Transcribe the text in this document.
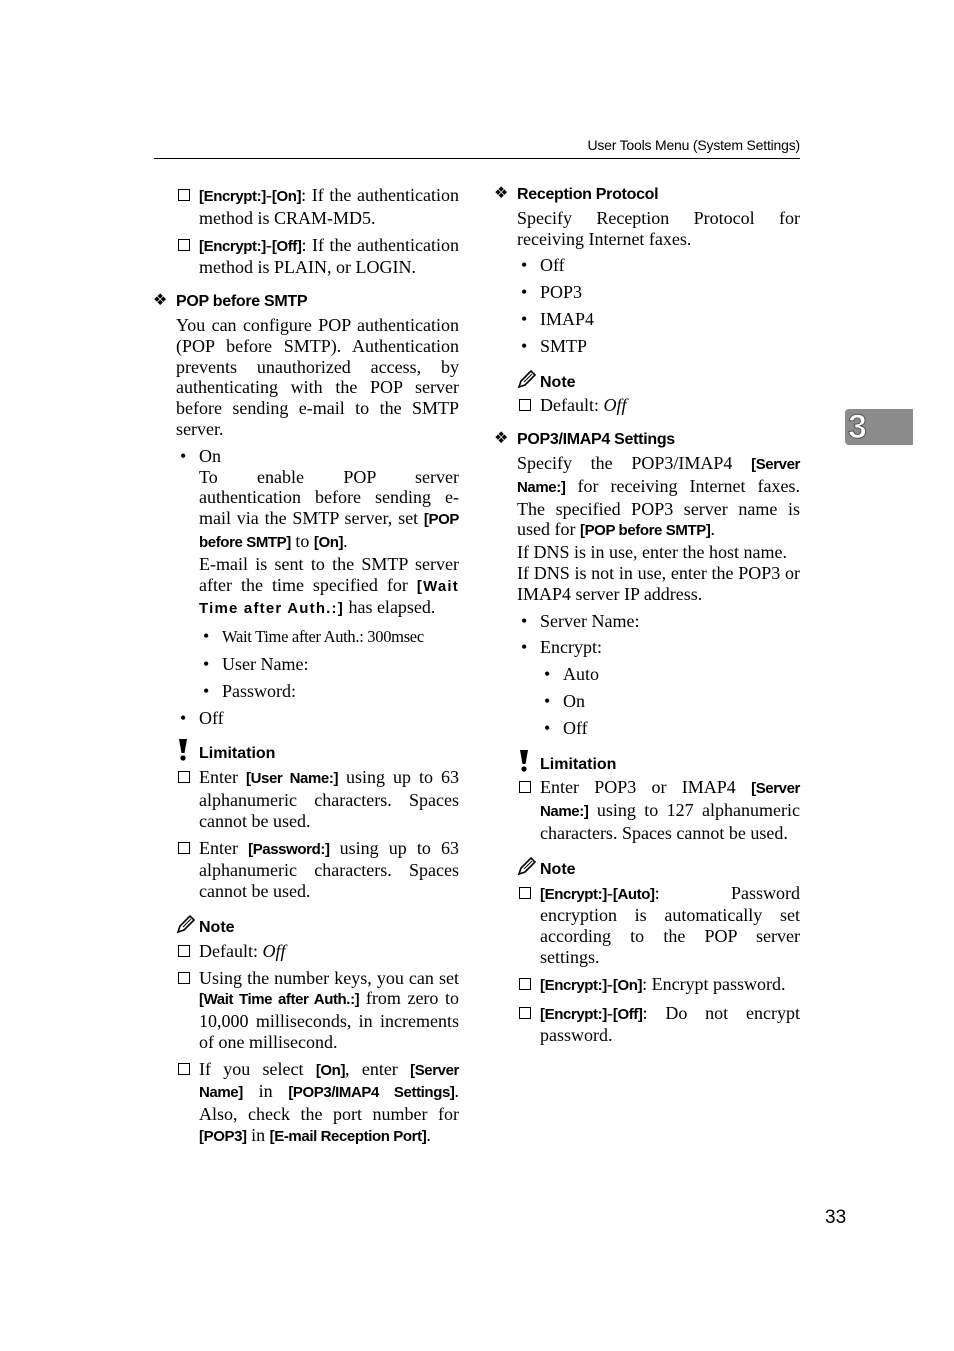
User Tools Menu (System Settings)
3
[Encrypt:]-[On]: If the authentication method is CRAM-MD5.
[Encrypt:]-[Off]: If the authentication method is PLAIN, or LOGIN.
❖ POP before SMTP
You can configure POP authentication (POP before SMTP). Authentication prevents unauthorized access, by authenticating with the POP server before sending e-mail to the SMTP server.
• On
To enable POP server authentication before sending e-mail via the SMTP server, set [POP before SMTP] to [On].
E-mail is sent to the SMTP server after the time specified for [Wait Time after Auth.:] has elapsed.
• Wait Time after Auth.: 300msec
• User Name:
• Password:
• Off
Limitation
Enter [User Name:] using up to 63 alphanumeric characters. Spaces cannot be used.
Enter [Password:] using up to 63 alphanumeric characters. Spaces cannot be used.
Note
Default: Off
Using the number keys, you can set [Wait Time after Auth.:] from zero to 10,000 milliseconds, in increments of one millisecond.
If you select [On], enter [Server Name] in [POP3/IMAP4 Settings]. Also, check the port number for [POP3] in [E-mail Reception Port].
❖ Reception Protocol
Specify Reception Protocol for receiving Internet faxes.
• Off
• POP3
• IMAP4
• SMTP
Note
Default: Off
❖ POP3/IMAP4 Settings
Specify the POP3/IMAP4 [Server Name:] for receiving Internet faxes. The specified POP3 server name is used for [POP before SMTP].
If DNS is in use, enter the host name.
If DNS is not in use, enter the POP3 or IMAP4 server IP address.
• Server Name:
• Encrypt:
• Auto
• On
• Off
Limitation
Enter POP3 or IMAP4 [Server Name:] using to 127 alphanumeric characters. Spaces cannot be used.
Note
[Encrypt:]-[Auto]: Password encryption is automatically set according to the POP server settings.
[Encrypt:]-[On]: Encrypt password.
[Encrypt:]-[Off]: Do not encrypt password.
33
